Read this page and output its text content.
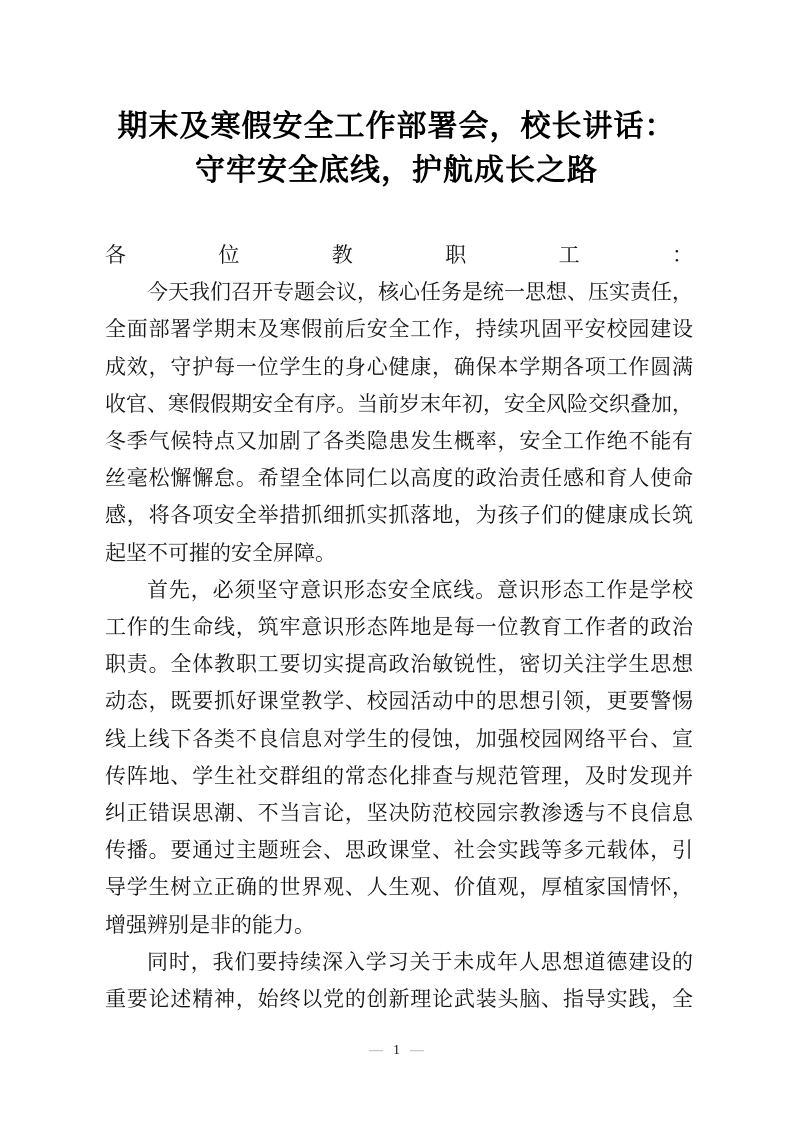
期末及寒假安全工作部署会，校长讲话：
守牢安全底线，护航成长之路
各位教职工：
今天我们召开专题会议，核心任务是统一思想、压实责任，
全面部署学期末及寒假前后安全工作，持续巩固平安校园建设
成效，守护每一位学生的身心健康，确保本学期各项工作圆满
收官、寒假假期安全有序。当前岁末年初，安全风险交织叠加，
冬季气候特点又加剧了各类隐患发生概率，安全工作绝不能有
丝毫松懈懈怠。希望全体同仁以高度的政治责任感和育人使命
感，将各项安全举措抓细抓实抓落地，为孩子们的健康成长筑
起坚不可摧的安全屏障。
首先，必须坚守意识形态安全底线。意识形态工作是学校
工作的生命线，筑牢意识形态阵地是每一位教育工作者的政治
职责。全体教职工要切实提高政治敏锐性，密切关注学生思想
动态，既要抓好课堂教学、校园活动中的思想引领，更要警惕
线上线下各类不良信息对学生的侵蚀，加强校园网络平台、宣
传阵地、学生社交群组的常态化排查与规范管理，及时发现并
纠正错误思潮、不当言论，坚决防范校园宗教渗透与不良信息
传播。要通过主题班会、思政课堂、社会实践等多元载体，引
导学生树立正确的世界观、人生观、价值观，厚植家国情怀，
增强辨别是非的能力。
同时，我们要持续深入学习关于未成年人思想道德建设的
重要论述精神，始终以党的创新理论武装头脑、指导实践，全
— 1 —
